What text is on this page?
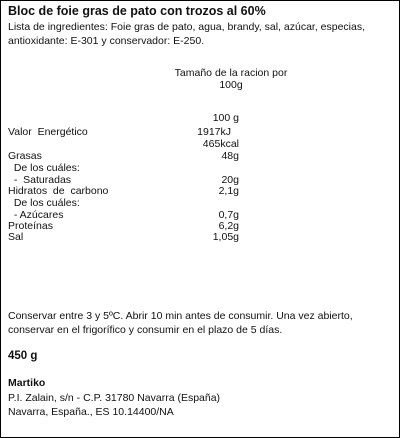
Bloc de foie gras de pato con trozos al 60%
Lista de ingredientes: Foie gras de pato, agua, brandy, sal, azúcar, especias, antioxidante: E-301 y conservador: E-250.
Tamaño de la racion por
100g
100 g
Valor  Energético	1917kJ
465kcal
Grasas	48g
De los cuáles:
-  Saturadas	20g
Hidratos  de  carbono	2,1g
De los cuáles:
- Azúcares	0,7g
Proteínas	6,2g
Sal	1,05g
Conservar entre 3 y 5ºC. Abrir 10 min antes de consumir. Una vez abierto, conservar en el frigorífico y consumir en el plazo de 5 días.
450 g
Martiko
P.I. Zalain, s/n - C.P. 31780 Navarra (España)
Navarra, España., ES 10.14400/NA
